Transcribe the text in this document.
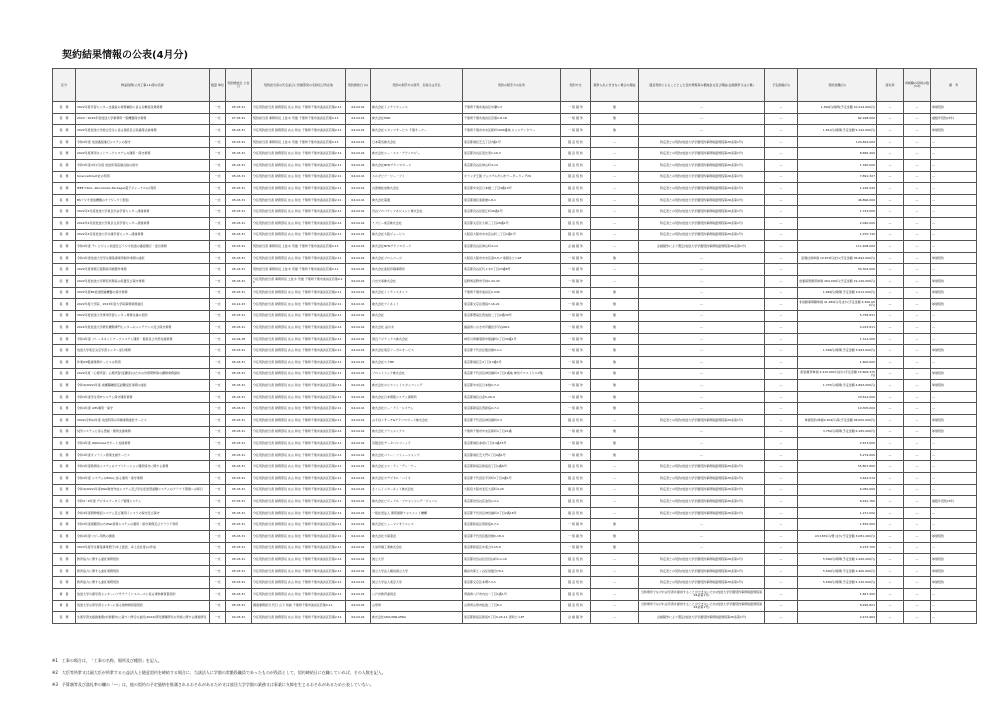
契約結果情報の公表(4月分)
区分	物品役務(公共工事+1)等の名称	数量 単位	契約締結日 公告日	契約担当者の氏名並びに所属部局の名称及び所在地	契約締結日 (1)	契約の相手方の商号、名称又は氏名	契約の相手方の住所	契約方式	競争入札に付さない場合の理由	随意契約によることとした会計規程等の根拠条文及び理由(企画競争又は公募)	予定価格(円)	契約金額(円)	落札率	再就職の役員の数(×2)	備　考
役　務	2022年度学習センター支援室の業務補助に係る労働者派遣業務	一式	05.03.31	分任契約担当者 財務部長 丸山 和也 千葉県千葉市美浜区若葉2-11	04.04.01	株式会社インテリジェンス	千葉県千葉市美浜区中瀬1-3	一 般 競 争	無	—	—	1,800円/時間(予定金額 10,244,000円)	—	—	単価契約
役　務	2022〜2024年度放送大学事務用一般機器保守業務	一式	07.03.31	契約担当者 事務局長 土佐木 茂雄 千葉県千葉市美浜区若葉2-11	04.04.01	株式会社MSK	千葉県千葉市美浜区若葉2-8-18	一 般 競 争	無	—	—	82,298,000	—	—	複数年契約(3年)
役　務	2022年度放送大学総合安全に係る施設及び設備等点検業務	一式	05.03.31	分任契約担当者 財務部長 丸山 和也 千葉県千葉市美浜区若葉2-11	04.04.01	株式会社スタッフサービス 千葉オーナー	千葉県千葉市中央区新町1000番地 センシティタワー	一 般 競 争	無	—	—	1,811円/時間(予定金額 5,142,000円)	—	—	単価契約
役　務	令和4年度 放送番組進行システムの保守	一式	05.03.31	契約担当者 事務局長 土佐木 茂雄 千葉県千葉市美浜区若葉2-11	04.04.01	日本電気株式会社	東京都港区芝五丁目7番1号	随 意 契 約	—	特定者との契約(放送大学学園契約事務取扱規程第26条第1号)	—	120,824,000	—	—	—
役　務	2022年度専用ネットワークシステムの運用・保守業務	一式	05.03.31	分任契約担当者 財務部長 丸山 和也 千葉県千葉市美浜区若葉2-11	04.04.01	株式会社シー・エス・テクノロジー	東京都渋谷区恵比寿1-19-3	随 意 契 約	—	特定者との契約(放送大学学園契約事務取扱規程第26条第1号)	—	8,665,400	—	—	—
役　務	令和4年度4年(月)度 放送所等設備点検の保守	一式	05.03.31	分任契約担当者 財務部長 丸山 和也 千葉県千葉市美浜区若葉2-11	04.04.01	株式会社NHKテクノロジーズ	東京都渋谷区神山町4-14	随 意 契 約	—	特定者との契約(放送大学学園契約事務取扱規程第26条第1号)	—	1,320,000	—	—	—
役　務	ScienceDirect社の利用	一式	05.03.31	分任契約担当者 財務部長 丸山 和也 千葉県千葉市美浜区若葉2-11	04.04.01	エルゼビア・ビー・ブイ	オランダ王国 アムステルダム市ラーダーウェグ29	随 意 契 約	—	特定者との契約(放送大学学園契約事務取扱規程第26条第1号)	—	7,891,327	—	—	—
役　務	IEEE CSOL -Periodicals Package(電子ジャーナル)の利用	一式	05.03.31	分任契約担当者 財務部長 丸山 和也 千葉県千葉市美浜区若葉2-11	04.04.01	丸善雄松堂株式会社	東京都中央区日本橋二丁目3番10号	随 意 契 約	—	特定者との契約(放送大学学園契約事務取扱規程第26条第1号)	—	1,226,040	—	—	—
役　務	BSラジオ送信機器のオブジェクト配信	一式	05.03.31	分任契約担当者 財務部長 丸山 和也 千葉県千葉市美浜区若葉2-11	04.04.01	株式会社電通	東京都港区東新橋1-8-1	随 意 契 約	—	特定者との契約(放送大学学園契約事務取扱規程第26条第1号)	—	46,896,000	—	—	—
役　務	2022年4月度放送大学東京渋谷学習センター清掃業務	一式	05.03.31	分任契約担当者 財務部長 丸山 和也 千葉県千葉市美浜区若葉2-11	04.04.01	渋谷プロパティマネジメント株式会社	東京都渋谷区桜丘町26番1号	随 意 契 約	—	特定者との契約(放送大学学園契約事務取扱規程第26条第1号)	—	1,723,000	—	—	—
役　務	2022年4月度放送大学東京文京学習センター清掃業務	一式	05.03.31	分任契約担当者 財務部長 丸山 和也 千葉県千葉市美浜区若葉2-11	04.04.01	ミズビー東京株式会社	東京都文京区大塚三丁目29番1号	随 意 契 約	—	特定者との契約(放送大学学園契約事務取扱規程第26条第1号)	—	2,040,000	—	—	—
役　務	2022年4月度放送大学兵庫学習センター清掃業務	一式	05.03.31	分任契約担当者 財務部長 丸山 和也 千葉県千葉市美浜区若葉2-11	04.04.01	株式会社大阪ジャービス	大阪府大阪市中央区谷町二丁目1番1号	随 意 契 約	—	特定者との契約(放送大学学園契約事務取扱規程第26条第1号)	—	1,070,740	—	—	—
役　務	令和4年度 テレビジョン放送及びラジオ放送の番組運行・送出業務	一式	05.03.31	契約担当者 事務局長 土佐木 茂雄 千葉県千葉市美浜区若葉2-11	04.04.01	株式会社NHKテクノロジーズ	東京都渋谷区神山町4-14	企 画 競 争	—	企画競争により選定(放送大学学園契約事務取扱規程第26条第1号)	—	111,408,000	—	—	—
役　務	令和4年度放送大学学生募集事業用制作業務の委託	一式	05.03.31	分任契約担当者 財務部長 丸山 和也 千葉県千葉市美浜区若葉2-11	04.04.01	株式会社ブロムページ	大阪府大阪市中央区南3-5-7 南相生ビル6F	一 般 競 争	無	—	—	派遣社員単価 10,879円ほか(予定金額 36,692,000円)	—	—	単価契約
役　務	2022年度業務広報関係印刷製作業務	一式	05.03.31	契約担当者 事務局長 土佐木 茂雄 千葉県千葉市美浜区若葉2-11	04.04.01	株式会社産経印刷事務所	東京都渋谷区代々木2丁目23番8号	一 般 競 争	—	—	—	50,304,000	—	—	—
設　置	2022年度放送大学研究所関係の設置及び保守業務	一式	05.03.31	分任契約担当者 事務局長 土佐木 茂雄 千葉県千葉市美浜区若葉2-11	04.04.01	日出交易株式会社	長野県長野市平林1-34-43	一 般 競 争	—	—	—	倉庫保管費用単価 264,000円(予定金額 19,120,000円)	—	—	単価契約
役　務	2022年度BS放送関連機器の保守業務	一式	05.03.31	分任契約担当者 財務部長 丸山 和也 千葉県千葉市美浜区若葉2-11	04.04.01	株式会社インテンスタッフ	千葉県千葉市美浜区2-240	一 般 競 争	無	—	—	1,846円/時間(予定金額 3,612,000円)	—	—	単価契約
役　務	2022年度大学院、2023年度大学院事務業務委託	一式	04.12.23	分任契約担当者 財務部長 丸山 和也 千葉県千葉市美浜区若葉2-11	04.04.01	株式会社アイネット	東京都文京区湯島7-16-21	一 般 競 争	無	—	—	非常勤事務職単価 41,680円/月ほか(予定金額 4,300,000円)	—	—	単価契約
役　務	2022年度放送大学専用学習センター業務支援の契約	一式	05.03.31	分任契約担当者 財務部長 丸山 和也 千葉県千葉市美浜区若葉2-11	04.04.01	株式会社	東京都豊島区西池袋二丁目2番30号	一 般 競 争	無	—	—	5,756,831	—	—	—
役　務	2022年度放送大学研究機関専門センターのメンテナンス及び保守業務	一式	05.03.31	分任契約担当者 財務部長 丸山 和也 千葉県千葉市美浜区若葉2-11	04.04.01	株式会社 品川木	福島県いわき市平鎌田字平谷98-1	一 般 競 争	無	—	—	4,013,811	—	—	—
役　務	令和4年度 ブレーキネットワークシステム運用・更新及び外部支援業務	一式	04.04.28	分任契約担当者 財務部長 丸山 和也 千葉県千葉市美浜区若葉2-11	04.04.01	周辺ラジテックス株式会社	神奈川県横須賀市船越町1丁目39番1号	一 般 競 争	無	—	—	1,314,500	—	—	—
役　務	放送大学東京文京学習センター受付業務	一式	05.03.31	分任契約担当者 財務部長 丸山 和也 千葉県千葉市美浜区若葉2-11	04.04.01	株式会社東京リーガルサービス	東京都千代田区飯田橋3-1-1	一 般 競 争	無	—	—	1,596円/時間(予定金額 3,993,000円)	—	—	単価契約
役　務	作業ICP監視業務サービスの利用	一式	05.03.31	分任契約担当者 財務部長 丸山 和也 千葉県千葉市美浜区若葉2-11	04.04.01	株式会社エクBP	東京都港区芝4丁目13番1号	一 般 競 争	無	—	—	1,600,000	—	—	—
役　務	2022年度「心理実習」心理実習(受講者)のための外部研修等の講師業務請負	一式	05.03.31	分任契約担当者 財務部長 丸山 和也 千葉県千葉市美浜区若葉2-11	04.04.01	プロメトリック株式会社	東京都千代田区神田錦町3丁目1番地 神田ウエストビル7階	一 般 競 争	無	—	—	配信費用単価 2,415,000円ほか(予定金額 15,609,375円)	—	—	単価契約
役　務	令和4(2022)年度 看護職種認定試験受託業務の委託	一式	05.03.31	分任契約担当者 財務部長 丸山 和也 千葉県千葉市美浜区若葉2-11	04.04.01	株式会社ホビエリットスタッフィング	東京都中央区日本橋2-7-2	一 般 競 争	無	—	—	1,707円/時間(予定金額 4,893,000円)	—	—	単価契約
役　務	令和4年度学生用ITシステム保守運用業務	一式	05.03.31	分任契約担当者 財務部長 丸山 和也 千葉県千葉市美浜区若葉2-11	04.04.01	株式会社日本情報システム事務所	東京都港区白金5-29-9	一 般 競 争	無	—	—	20,614,000	—	—	—
役　務	令和4年度 LMS運用・保守	一式	05.03.31	分任契約担当者 財務部長 丸山 和也 千葉県千葉市美浜区若葉2-11	04.04.01	株式会社ビー・アイ・システム	東京都新宿区西新宿2-7-1	一 般 競 争	無	—	—	19,305,000	—	—	—
役　務	2022(令和4)年度 放送利用の印刷業務委託サービス	一式	05.03.31	分任契約担当者 財務部長 丸山 和也 千葉県千葉市美浜区若葉2-11	04.04.01	みずほリサーチ&テクノロジーズ株式会社	東京都千代田区神田錦町2-3	随 意 契 約	—	特定者との契約(放送大学学園契約事務取扱規程第26条第1号)	—	単価契約(単価2,304円)等(予定金額 38,000,000円)	—	—	単価契約
役　務	奨学システムに係る登録・運用支援業務	一式	05.03.31	分任契約担当者 財務部長 丸山 和也 千葉県千葉市美浜区若葉2-11	04.04.01	株式会社ブラムシックス	千葉県千葉市中央区新町1丁目21番	一 般 競 争	無	—	—	3,750円/時間(予定金額 6,165,000円)	—	—	単価契約
役　務	令和4年度 WebClassサポート支援業務	一式	05.03.31	分任契約担当者 財務部長 丸山 和也 千葉県千葉市美浜区若葉2-11	04.04.01	有限会社データパシフィック	東京都港区赤坂1丁目14番15号	一 般 競 争	無	—	—	2,673,000	—	—	—
役　務	令和4年度オンライン授業支援サービス	一式	05.03.31	分任契約担当者 財務部長 丸山 和也 千葉県千葉市美浜区若葉2-11	04.04.01	株式会社パリー・ソリューションズ	東京都港区芝大門1丁目9番1号	一 般 競 争	無	—	—	5,279,000	—	—	—
役　務	令和4年度教務系システムのアプリケーション運用保守に関する業務	一式	05.03.31	分任契約担当者 財務部長 丸山 和也 千葉県千葉市美浜区若葉2-11	04.04.01	株式会社セス・ティ・ディ・ケー	東京都新宿区新宿四丁目1番6号	随 意 契 約	—	特定者との契約(放送大学学園契約事務取扱規程第26条第1号)	—	55,807,800	—	—	—
役　務	令和4年度 システムのBOAに係る運用・保守業務	一式	05.03.31	分任契約担当者 財務部長 丸山 和也 千葉県千葉市美浜区若葉2-11	04.04.01	株式会社ボデジタル・バイオ	東京都千代田区平河町2丁目4番1号	随 意 契 約	—	特定者との契約(放送大学学園契約事務取扱規程第26条第1号)	—	3,624,519	—	—	—
役　務	令和4(2022)年度Web教材作成システム及び学生記述型試験システムのクラウド環境への移行	一式	05.03.31	分任契約担当者 財務部長 丸山 和也 千葉県千葉市美浜区若葉2-11	04.04.01	さくらインターネット株式会社	大阪府大阪市北区大深町4-20	随 意 契 約	—	特定者との契約(放送大学学園契約事務取扱規程第26条第1号)	—	6,050,000	—	—	—
役　務	令和4〜6年度 デジタルアーカイブ管理システム	一式	07.03.31	分任契約担当者 財務部長 丸山 和也 千葉県千葉市美浜区若葉2-11	04.04.01	株式会社ビジュアル・プロセッシング・ジャパン	東京都世田谷区池尻1-2-1	随 意 契 約	—	特定者との契約(放送大学学園契約事務取扱規程第26条第1号)	—	8,161,760	—	—	複数年契約(3年)
役　務	令和4年度研修施設システム及び運用インフラの保守及び保守	一式	05.03.31	分任契約担当者 財務部長 丸山 和也 千葉県千葉市美浜区若葉2-11	04.04.01	一般社団法人 関西国際アセスメント機構	東京都千代田区神田錦町2丁目2番16号	随 意 契 約	—	特定者との契約(放送大学学園契約事務取扱規程第26条第1号)	—	1,271,000	—	—	—
役　務	令和4年度視聴用の方Web授業システムの運用・保守業務及びクラウド利用	一式	05.03.31	分任契約担当者 財務部長 丸山 和也 千葉県千葉市美浜区若葉2-11	04.04.01	株式会社ヒューマンサイエンス	東京都新宿区西新宿6-7-1	一 般 競 争	無	—	—	1,870,000	—	—	—
役　務	令和4年度コピー用紙の調達	一式	05.03.31	分任契約担当者 財務部長 丸山 和也 千葉県千葉市美浜区若葉2-11	04.04.01	株式会社大塚商会	東京都千代田区飯田橋2-18-4	一 般 競 争	無	—	—	A3:1831円/冊 ほか(予定金額 3,081,400円)	—	—	単価契約
役　務	2023年度学生募集事業冊子(卓上図表、卓上会社等)の作成	一式	05.03.31	分任契約担当者 財務部長 丸山 和也 千葉県千葉市美浜区若葉2-11	04.04.01	大栄印刷工業株式会社	東京都新宿区中落合3-15-9	一 般 競 争	無	—	—	6,153,700	—	—	—
役　務	教育協力に関する委託業務契約	一式	05.03.31	分任契約担当者 財務部長 丸山 和也 千葉県千葉市美浜区若葉2-11	04.04.01	国立大学	東京都世田谷区世田谷町2-1-10	随 意 契 約	—	特定者との契約(放送大学学園契約事務取扱規程第26条第1号)	—	5,500円/時間(予定金額 1,200,000円)	—	—	単価契約
役　務	教育協力に関する委託業務契約	一式	05.03.31	分任契約担当者 財務部長 丸山 和也 千葉県千葉市美浜区若葉2-11	04.04.01	国立大学法人横浜国立大学	横浜市保土ヶ谷区常盤台79-1	随 意 契 約	—	特定者との契約(放送大学学園契約事務取扱規程第26条第1号)	—	5,500円/時間(予定金額 4,400,000円)	—	—	単価契約
役　務	教育協力に関する委託業務契約	一式	05.03.31	分任契約担当者 財務部長 丸山 和也 千葉県千葉市美浜区若葉2-11	04.04.01	国立大学法人東京大学	東京都文京区本郷7-3-1	随 意 契 約	—	特定者との契約(放送大学学園契約事務取扱規程第26条第1号)	—	5,500円/時間(予定金額 5,120,000円)	—	—	単価契約
賃　借	放送大学兵庫学習センターハブサテライトスペースに係る建物賃貸借契約	一式	05.03.31	分任契約担当者 財務部長 丸山 和也 千葉県千葉市美浜区若葉2-11	04.04.01	八戸市教育委員会	青森県八戸市内丸一丁目1番1号	随 意 契 約	—	当該場所でなければ学習を提供することができないため(放送大学学園契約事務取扱規程第26条第1号)	—	1,847,300	—	—	—
賃　借	放送大学山形学習センターに係る建物賃貸借契約	一式	05.03.31	調達事務担当 代行 山下 和眞 千葉県千葉市美浜区若葉2-11	04.04.01	山形県	山形県山形市松波二丁目8-1	随 意 契 約	—	当該場所でなければ学習を提供することができないため(放送大学学園契約事務取扱規程第26条第1号)	—	8,290,821	—	—	—
役　務	生涯学習支援推進費(卒業要件)に基づく修行の委託(2022)研究課題研究の実施に関する調査研究	一式	04.03.31	分任契約担当者 財務部長 丸山 和也 千葉県千葉市美浜区若葉2-11	04.04.01	株式会社AMA/ONLAERA	東京都新宿区新宿5丁目3-20-11 清和ビル4F	企 画 競 争	—	企画競争により選定(放送大学学園契約事務取扱規程第26条第1号)	—	2,474,964	—	—	—
※1　工事の場合は、「工事の名称、場所及び種別」を記入。
※2　大臣等所掌又は副大臣が所掌する公益法人と随意契約を締結する場合に、当該法人に学園の常勤役職員であったものが役員として、契約締結日に在職していれば、その人数を記入。
※3　予算額等及び落札率の欄の「―」は、他の契約の予定価格を推測されるおそれがあるため又は放送大学学園の業務又は事業に支障を生じるおそれがあるため公表していない。
